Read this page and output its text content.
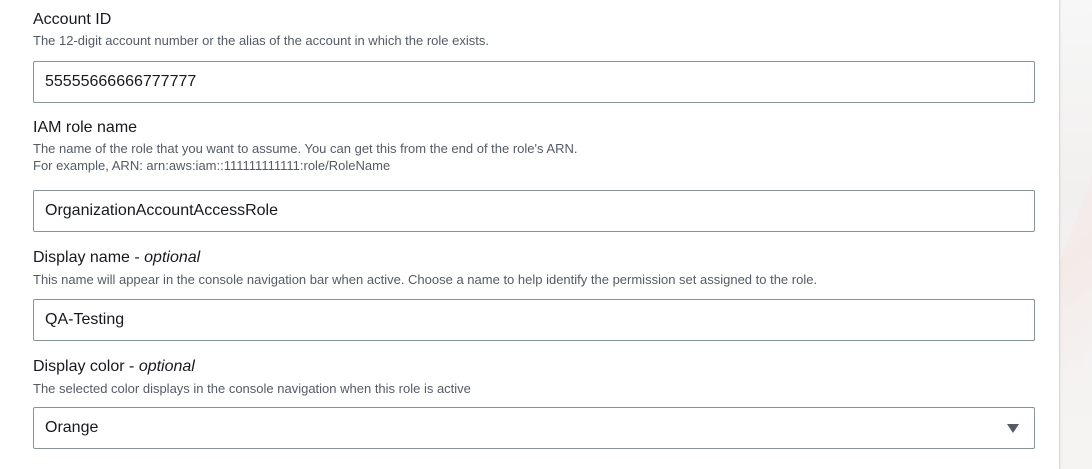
Account ID
The 12-digit account number or the alias of the account in which the role exists.
55555666666777777
IAM role name
The name of the role that you want to assume. You can get this from the end of the role's ARN.
For example, ARN: arn:aws:iam::111111111111:role/RoleName
OrganizationAccountAccessRole
Display name - optional
This name will appear in the console navigation bar when active. Choose a name to help identify the permission set assigned to the role.
QA-Testing
Display color - optional
The selected color displays in the console navigation when this role is active
Orange
